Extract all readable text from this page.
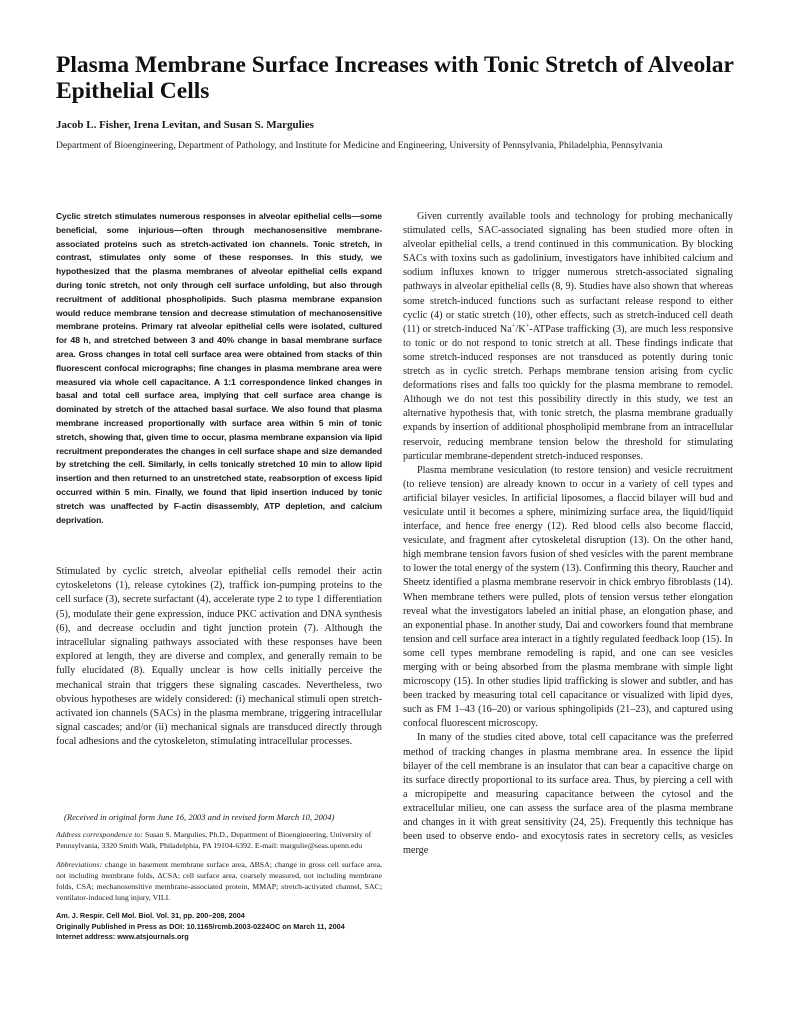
Plasma Membrane Surface Increases with Tonic Stretch of Alveolar Epithelial Cells
Jacob L. Fisher, Irena Levitan, and Susan S. Margulies
Department of Bioengineering, Department of Pathology, and Institute for Medicine and Engineering, University of Pennsylvania, Philadelphia, Pennsylvania
Cyclic stretch stimulates numerous responses in alveolar epithelial cells—some beneficial, some injurious—often through mechanosensitive membrane-associated proteins such as stretch-activated ion channels. Tonic stretch, in contrast, stimulates only some of these responses. In this study, we hypothesized that the plasma membranes of alveolar epithelial cells expand during tonic stretch, not only through cell surface unfolding, but also through recruitment of additional phospholipids. Such plasma membrane expansion would reduce membrane tension and decrease stimulation of mechanosensitive membrane proteins. Primary rat alveolar epithelial cells were isolated, cultured for 48 h, and stretched between 3 and 40% change in basal membrane surface area. Gross changes in total cell surface area were obtained from stacks of thin fluorescent confocal micrographs; fine changes in plasma membrane area were measured via whole cell capacitance. A 1:1 correspondence linked changes in basal and total cell surface area, implying that cell surface area change is dominated by stretch of the attached basal surface. We also found that plasma membrane increased proportionally with surface area within 5 min of tonic stretch, showing that, given time to occur, plasma membrane expansion via lipid recruitment preponderates the changes in cell surface shape and size demanded by stretching the cell. Similarly, in cells tonically stretched 10 min to allow lipid insertion and then returned to an unstretched state, reabsorption of excess lipid occurred within 5 min. Finally, we found that lipid insertion induced by tonic stretch was unaffected by F-actin disassembly, ATP depletion, and calcium deprivation.

Stimulated by cyclic stretch, alveolar epithelial cells remodel their actin cytoskeletons (1), release cytokines (2), traffick ion-pumping proteins to the cell surface (3), secrete surfactant (4), accelerate type 2 to type 1 differentiation (5), modulate their gene expression, induce PKC activation and DNA synthesis (6), and decrease occludin and tight junction protein (7). Although the intracellular signaling pathways associated with these responses have been explored at length, they are diverse and complex, and generally remain to be fully elucidated (8). Equally unclear is how cells initially perceive the mechanical strain that triggers these signaling cascades. Nevertheless, two obvious hypotheses are widely considered: (i) mechanical stimuli open stretch-activated ion channels (SACs) in the plasma membrane, triggering intracellular signal cascades; and/or (ii) mechanical signals are transduced directly through focal adhesions and the cytoskeleton, stimulating intracellular processes.

(Received in original form June 16, 2003 and in revised form March 10, 2004)

Address correspondence to: Susan S. Margulies, Ph.D., Department of Bioengineering, University of Pennsylvania, 3320 Smith Walk, Philadelphia, PA 19104-6392. E-mail: margulie@seas.upenn.edu

Abbreviations: change in basement membrane surface area, ΔBSA; change in gross cell surface area, not including membrane folds, ΔCSA; cell surface area, coarsely measured, not including membrane folds, CSA; mechanosensitive membrane-associated protein, MMAP; stretch-activated channel, SAC; ventilator-induced lung injury, VILI.

Am. J. Respir. Cell Mol. Biol. Vol. 31, pp. 200–208, 2004
Originally Published in Press as DOI: 10.1165/rcmb.2003-0224OC on March 11, 2004
Internet address: www.atsjournals.org

Given currently available tools and technology for probing mechanically stimulated cells, SAC-associated signaling has been studied more often in alveolar epithelial cells, a trend continued in this communication. By blocking SACs with toxins such as gadolinium, investigators have inhibited calcium and sodium influxes known to trigger numerous stretch-associated signaling pathways in alveolar epithelial cells (8, 9). Studies have also shown that whereas some stretch-induced functions such as surfactant release respond to either cyclic (4) or static stretch (10), other effects, such as stretch-induced cell death (11) or stretch-induced Na+/K+-ATPase trafficking (3), are much less responsive to tonic or do not respond to tonic stretch at all. These findings indicate that some stretch-induced responses are not transduced as potently during tonic stretch as in cyclic stretch. Perhaps membrane tension arising from cyclic deformations rises and falls too quickly for the plasma membrane to remodel. Although we do not test this possibility directly in this study, we test an alternative hypothesis that, with tonic stretch, the plasma membrane gradually expands by insertion of additional phospholipid membrane from an intracellular reservoir, reducing membrane tension below the threshold for stimulating particular membrane-dependent stretch-induced responses.

Plasma membrane vesiculation (to restore tension) and vesicle recruitment (to relieve tension) are already known to occur in a variety of cell types and artificial bilayer vesicles. In artificial liposomes, a flaccid bilayer will bud and vesiculate until it becomes a sphere, minimizing surface area, the liquid/liquid interface, and hence free energy (12). Red blood cells also become flaccid, vesiculate, and fragment after cytoskeletal disruption (13). On the other hand, high membrane tension favors fusion of shed vesicles with the parent membrane to lower the total energy of the system (13). Confirming this theory, Raucher and Sheetz identified a plasma membrane reservoir in chick embryo fibroblasts (14). When membrane tethers were pulled, plots of tension versus tether elongation reveal what the investigators labeled an initial phase, an elongation phase, and an exponential phase. In another study, Dai and coworkers found that membrane tension and cell surface area interact in a tightly regulated feedback loop (15). In some cell types membrane remodeling is rapid, and one can see vesicles merging with or being absorbed from the plasma membrane with simple light microscopy (15). In other studies lipid trafficking is slower and subtler, and has been tracked by measuring total cell capacitance or visualized with lipid dyes, such as FM 1–43 (16–20) or various sphingolipids (21–23), and captured using confocal fluorescent microscopy.

In many of the studies cited above, total cell capacitance was the preferred method of tracking changes in plasma membrane area. In essence the lipid bilayer of the cell membrane is an insulator that can bear a capacitive charge on its surface directly proportional to its surface area. Thus, by piercing a cell with a micropipette and measuring capacitance between the cytosol and the extracellular milieu, one can assess the surface area of the plasma membrane and changes in it with great sensitivity (24, 25). Frequently this technique has been used to observe endo- and exocytosis rates in secretory cells, as vesicles merge
